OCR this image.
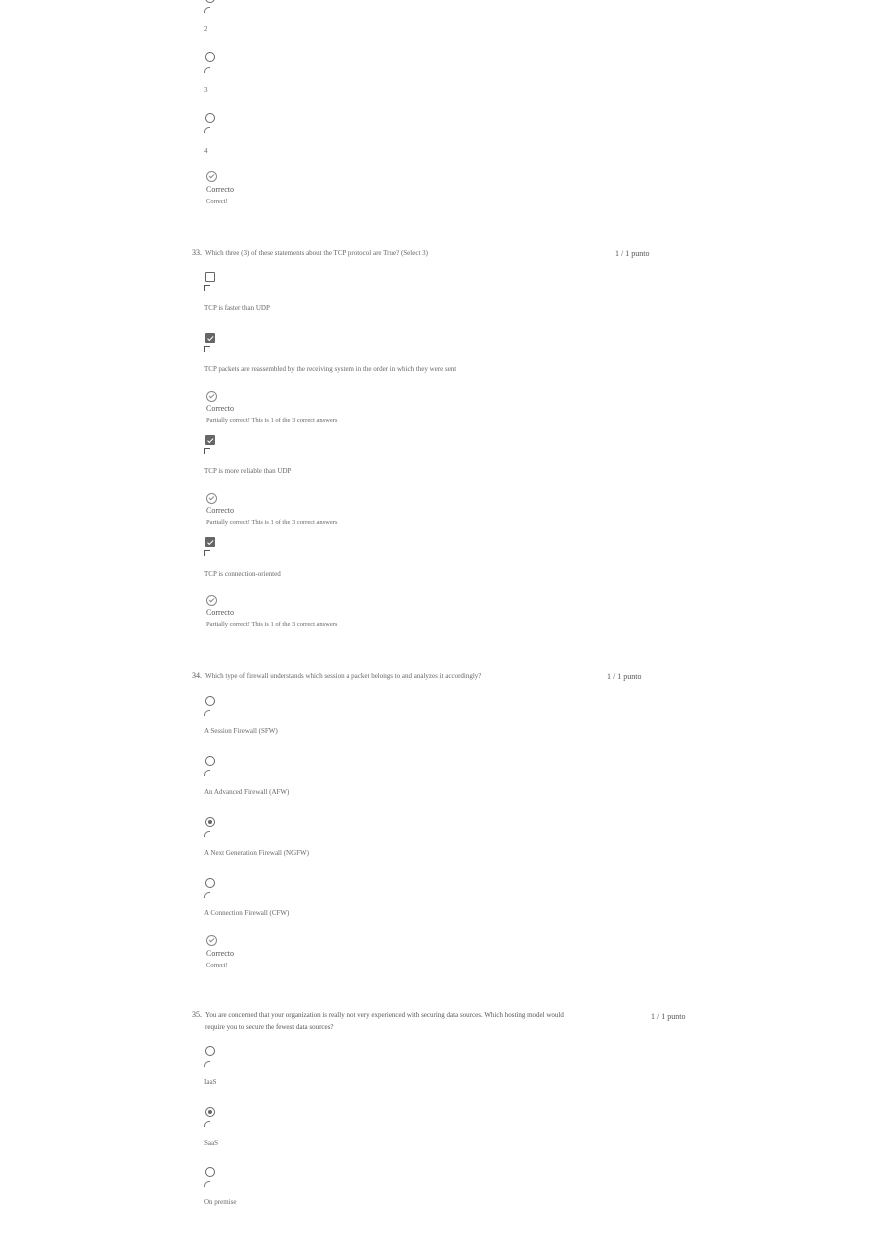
2
3
4
Correcto
Correct!
33. Which three (3) of these statements about the TCP protocol are True? (Select 3)	1 / 1 punto
TCP is faster than UDP
TCP packets are reassembled by the receiving system in the order in which they were sent
Correcto
Partially correct! This is 1 of the 3 correct answers
TCP is more reliable than UDP
Correcto
Partially correct! This is 1 of the 3 correct answers
TCP is connection-oriented
Correcto
Partially correct! This is 1 of the 3 correct answers
34. Which type of firewall understands which session a packet belongs to and analyzes it accordingly?	1 / 1 punto
A Session Firewall (SFW)
An Advanced Firewall (AFW)
A Next Generation Firewall (NGFW)
A Connection Firewall (CFW)
Correcto
Correct!
35. You are concerned that your organization is really not very experienced with securing data sources. Which hosting model would require you to secure the fewest data sources?
1 / 1 punto
IaaS
SaaS
On premise
